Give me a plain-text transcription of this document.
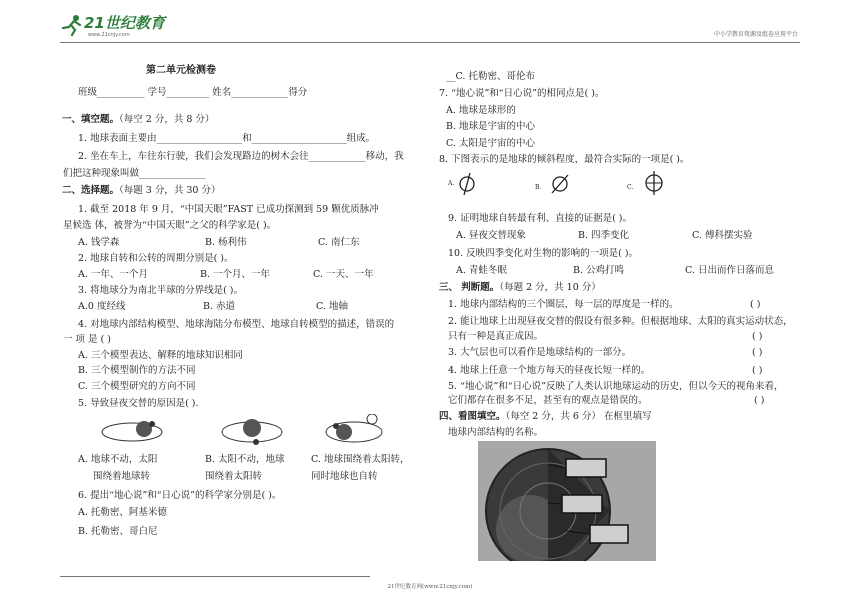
21世纪教育
www.21cnjy.com	中小学教育资源及组卷应用平台
第二单元检测卷
班级__________ 学号_________ 姓名____________得分
一、填空题。（每空 2 分，共 8 分）
1. 地球表面主要由__________________和____________________组成。
2. 坐在车上，车往东行驶，我们会发现路边的树木会往____________移动，我
们把这种现象叫做______________
二、选择题。（每题 3 分，共 30 分）
1. 截至 2018 年 9 月，“中国天眼”FAST 已成功探测到 59 颗优质脉冲
星候选 体，被誉为“中国天眼”之父的科学家是( )。
A. 钱学森	B. 杨利伟	C. 南仁东
2. 地球自转和公转的周期分别是( )。
A. 一年、一个月	B. 一个月、一年	C. 一天、一年
3. 将地球分为南北半球的分界线是( )。
A.0 度经线	B. 赤道	C. 地轴
4. 对地球内部结构模型、地球海陆分布模型、地球自转模型的描述，错误的
一 项 是 ( )
A. 三个模型表达、解释的地球知识相同
B. 三个模型制作的方法不同
C. 三个模型研究的方向不同
5. 导致昼夜交替的原因是( ).
A. 地球不动，太阳
围绕着地球转
B. 太阳不动，地球
围绕着太阳转
C. 地球围绕着太阳转，
同时地球也自转
6. 提出“地心说”和“日心说”的科学家分别是( )。
A. 托勒密、阿基米德
B. 托勒密、哥白尼
21世纪教育网(www.21cnjy.com)
__C. 托勒密、哥伦布
7. “地心说”和“日心说”的相同点是( )。
A. 地球是球形的
B. 地球是宇宙的中心
C. 太阳是宇宙的中心
8. 下图表示的是地球的倾斜程度，最符合实际的一项是( )。
A.
B.	C.
9. 证明地球自转最有利、直接的证据是( )。
A. 昼夜交替现象	B. 四季变化	C. 傅科摆实验
10. 反映四季变化对生物的影响的一项是( )。
A. 青蛙冬眠	B. 公鸡打鸣	C. 日出而作日落而息
三、 判断题。（每题 2 分，共 10 分）
1. 地球内部结构的三个圈层，每一层的厚度是一样的。	( )
2. 能让地球上出现昼夜交替的假设有很多种。但根据地球、太阳的真实运动状态，
只有一种是真正成因。	( )
3. 大气层也可以看作是地球结构的一部分。	( )
4. 地球上任意一个地方每天的昼夜长短一样的。	( )
5. “地心说”和“日心说”反映了人类认识地球运动的历史，但以今天的视角来看，
它们都存在很多不足，甚至有的观点是错误的。	( )
四、看图填空。（每空 2 分，共 6 分） 在框里填写
地球内部结构的名称。
